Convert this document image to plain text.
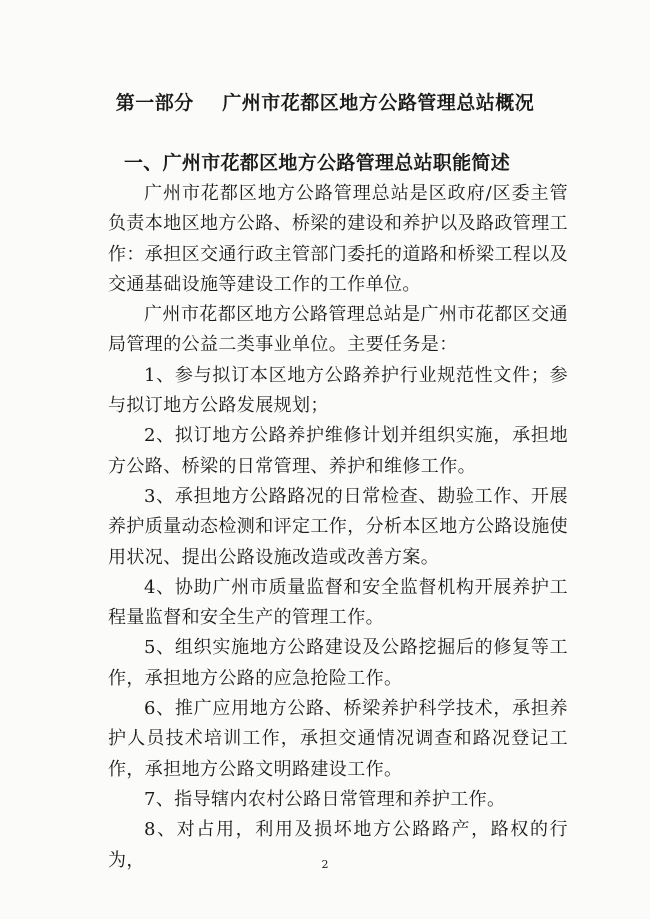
第一部分    广州市花都区地方公路管理总站概况
一、广州市花都区地方公路管理总站职能简述

广州市花都区地方公路管理总站是区政府/区委主管负责本地区地方公路、桥梁的建设和养护以及路政管理工作：承担区交通行政主管部门委托的道路和桥梁工程以及交通基础设施等建设工作的工作单位。

广州市花都区地方公路管理总站是广州市花都区交通局管理的公益二类事业单位。主要任务是：

1、参与拟订本区地方公路养护行业规范性文件；参与拟订地方公路发展规划；

2、拟订地方公路养护维修计划并组织实施，承担地方公路、桥梁的日常管理、养护和维修工作。

3、承担地方公路路况的日常检查、勘验工作、开展养护质量动态检测和评定工作，分析本区地方公路设施使用状况、提出公路设施改造或改善方案。

4、协助广州市质量监督和安全监督机构开展养护工程量监督和安全生产的管理工作。

5、组织实施地方公路建设及公路挖掘后的修复等工作，承担地方公路的应急抢险工作。

6、推广应用地方公路、桥梁养护科学技术，承担养护人员技术培训工作，承担交通情况调查和路况登记工作，承担地方公路文明路建设工作。

7、指导辖内农村公路日常管理和养护工作。

8、对占用，利用及损坏地方公路路产，路权的行为，	2
